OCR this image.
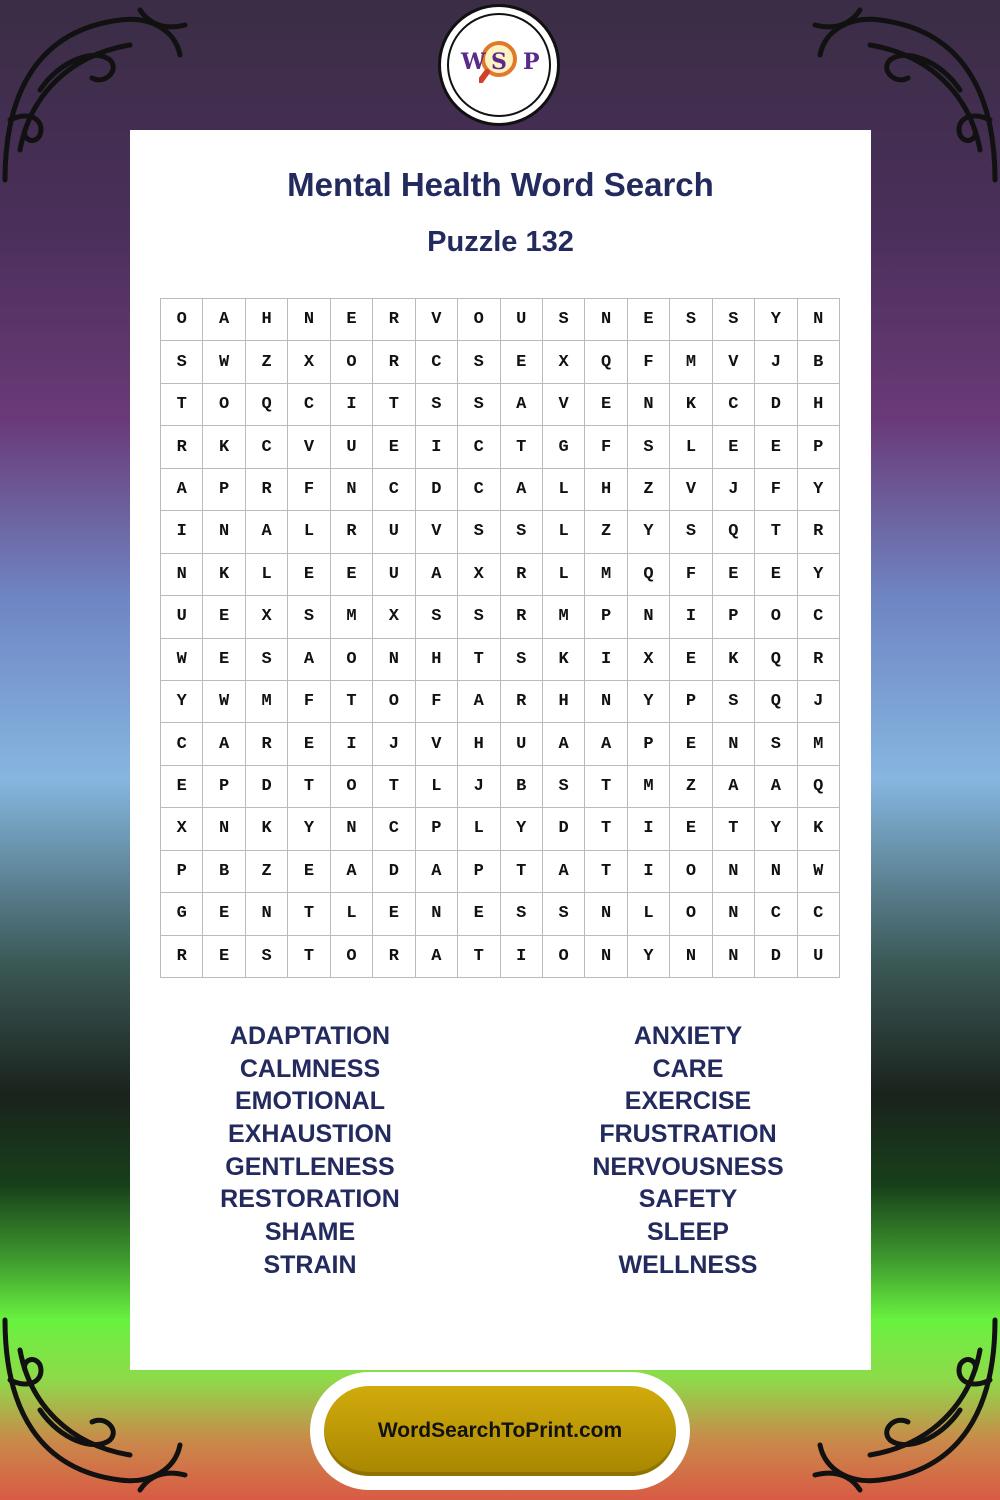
W S P
Mental Health Word Search
Puzzle 132
O	A	H	N	E	R	V	O	U	S	N	E	S	S	Y	N
S	W	Z	X	O	R	C	S	E	X	Q	F	M	V	J	B
T	O	Q	C	I	T	S	S	A	V	E	N	K	C	D	H
R	K	C	V	U	E	I	C	T	G	F	S	L	E	E	P
A	P	R	F	N	C	D	C	A	L	H	Z	V	J	F	Y
I	N	A	L	R	U	V	S	S	L	Z	Y	S	Q	T	R
N	K	L	E	E	U	A	X	R	L	M	Q	F	E	E	Y
U	E	X	S	M	X	S	S	R	M	P	N	I	P	O	C
W	E	S	A	O	N	H	T	S	K	I	X	E	K	Q	R
Y	W	M	F	T	O	F	A	R	H	N	Y	P	S	Q	J
C	A	R	E	I	J	V	H	U	A	A	P	E	N	S	M
E	P	D	T	O	T	L	J	B	S	T	M	Z	A	A	Q
X	N	K	Y	N	C	P	L	Y	D	T	I	E	T	Y	K
P	B	Z	E	A	D	A	P	T	A	T	I	O	N	N	W
G	E	N	T	L	E	N	E	S	S	N	L	O	N	C	C
R	E	S	T	O	R	A	T	I	O	N	Y	N	N	D	U
ADAPTATION
CALMNESS
EMOTIONAL
EXHAUSTION
GENTLENESS
RESTORATION
SHAME
STRAIN
ANXIETY
CARE
EXERCISE
FRUSTRATION
NERVOUSNESS
SAFETY
SLEEP
WELLNESS
WordSearchToPrint.com
